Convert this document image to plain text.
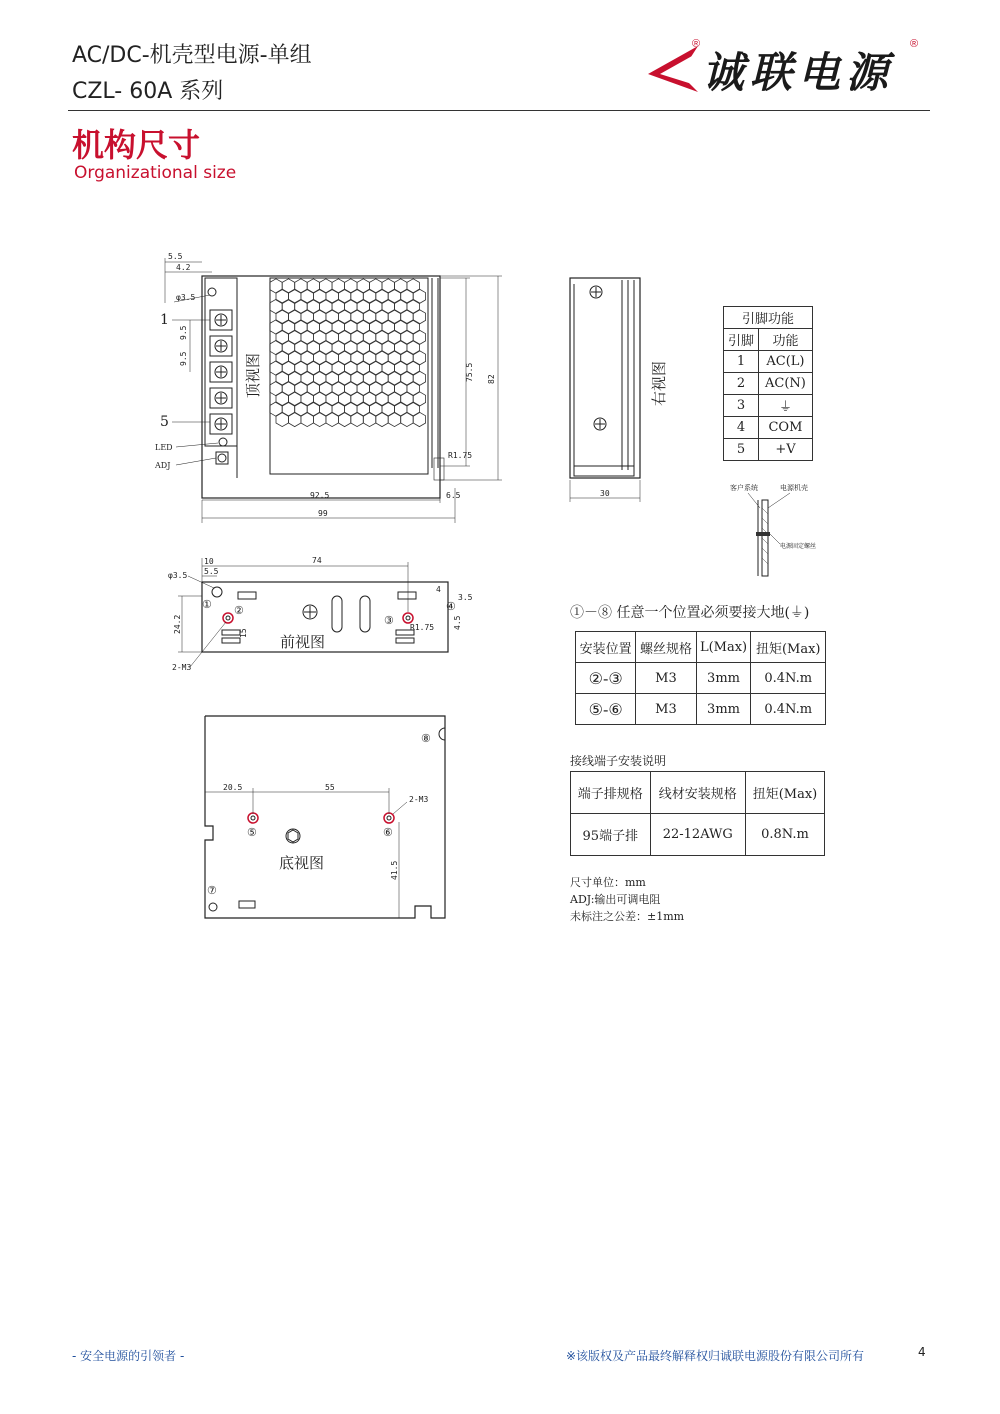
AC/DC-机壳型电源-单组
CZL- 60A 系列	诚联电源
®	®
机构尺寸
Organizational size
1
5
LED
ADJ
顶视图
5.5
4.2
φ3.5
9.5
9.5
75.5 82
R1.75
92.5	6.5
99
右视图
30
引脚功能	
引脚	功能
1	AC(L)
2	AC(N)
3	⏚
4	COM
5	+V
客户系统	电源机壳
电源固定螺丝
前视图
① ②
③
④
φ3.5
10
5.5
74
24.2	15
3.5
4
R1.75 4.5
2-M3
①－⑧ 任意一个位置必须要接大地(⏚)
安装位置	螺丝规格	L(Max)	扭矩(Max)
②-③	M3	3mm	0.4N.m
⑤-⑥	M3	3mm	0.4N.m
底视图
⑤	⑥
⑦
⑧
20.5	55
2-M3
41.5
接线端子安装说明
端子排规格	线材安装规格	扭矩(Max)
95端子排	22-12AWG	0.8N.m
尺寸单位：mm
ADJ:输出可调电阻
未标注之公差：±1mm
- 安全电源的引领者 -	※该版权及产品最终解释权归诚联电源股份有限公司所有	4
